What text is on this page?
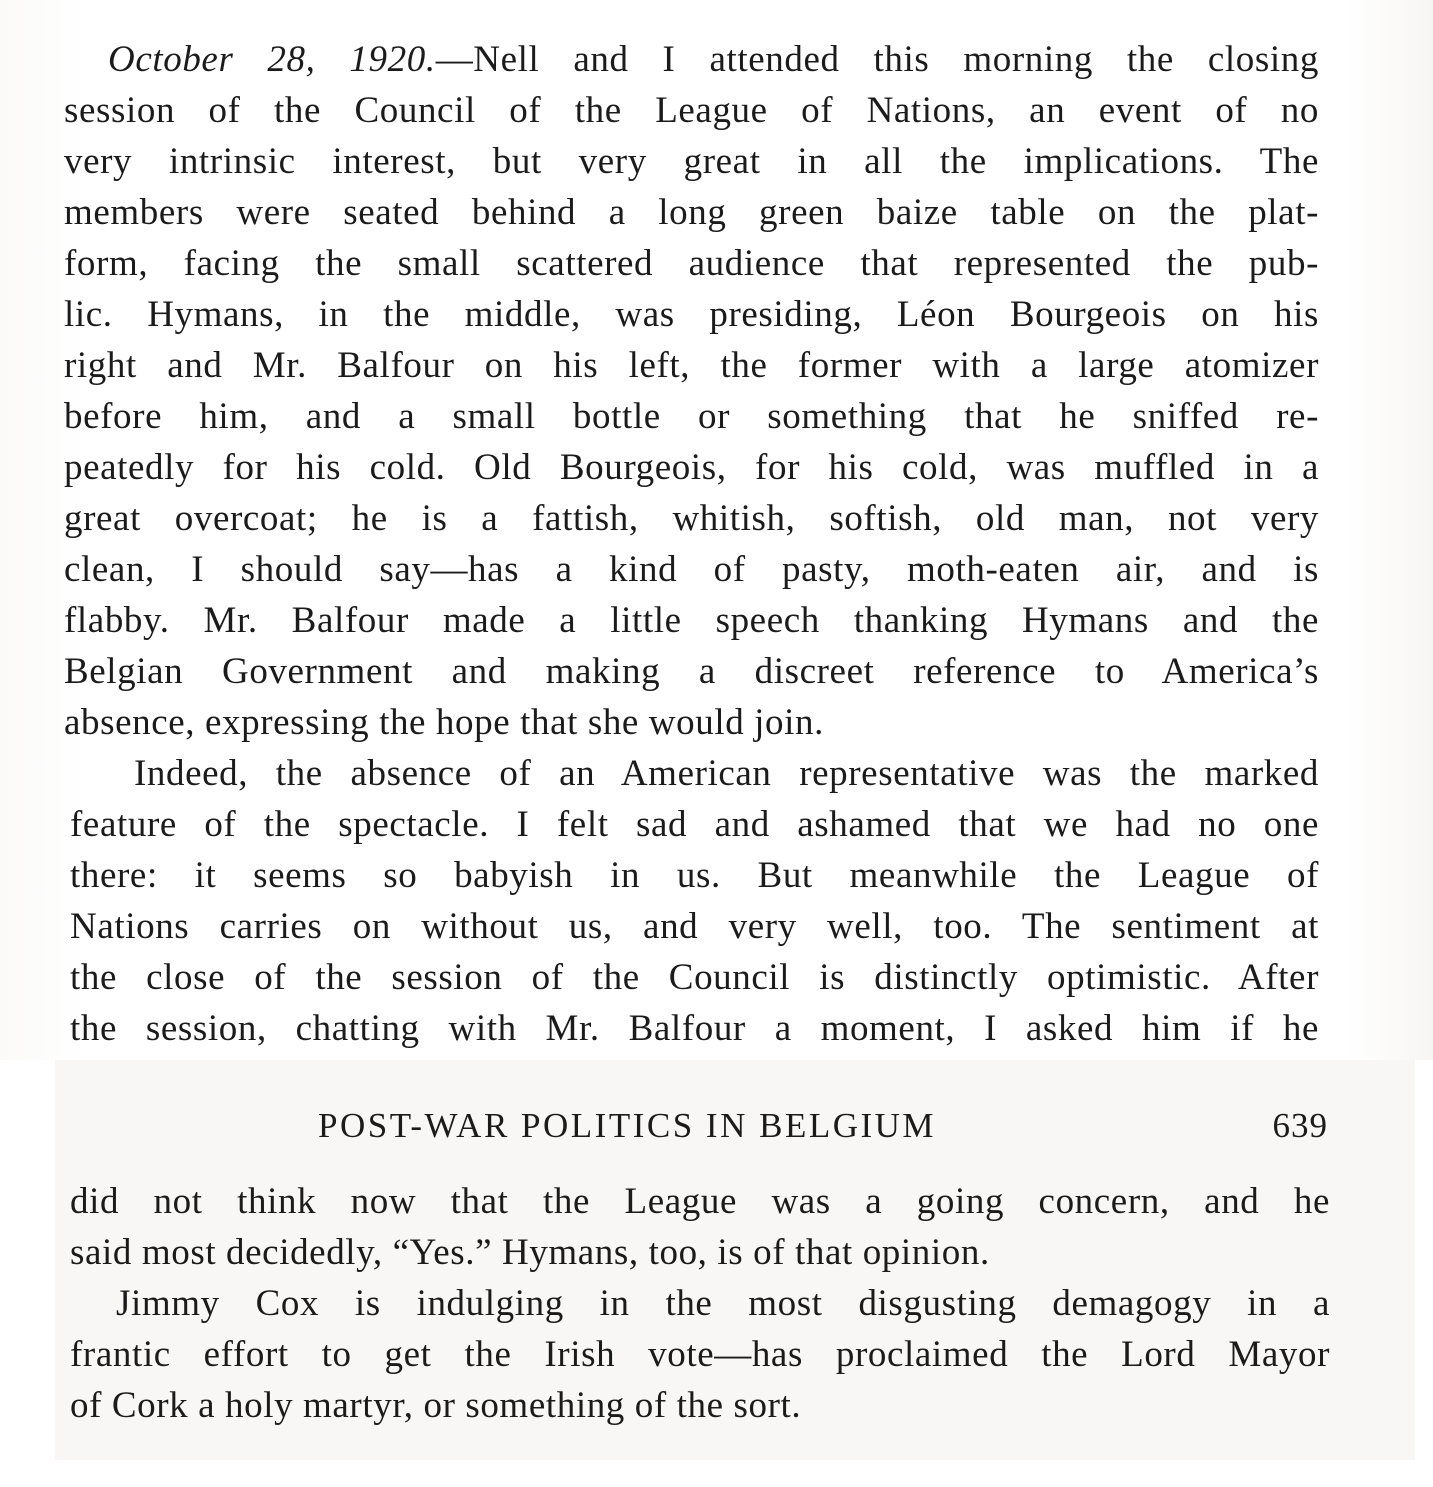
October 28, 1920.—Nell and I attended this morning the closing
session of the Council of the League of Nations, an event of no
very intrinsic interest, but very great in all the implications. The
members were seated behind a long green baize table on the plat-
form, facing the small scattered audience that represented the pub-
lic. Hymans, in the middle, was presiding, Léon Bourgeois on his
right and Mr. Balfour on his left, the former with a large atomizer
before him, and a small bottle or something that he sniffed re-
peatedly for his cold. Old Bourgeois, for his cold, was muffled in a
great overcoat; he is a fattish, whitish, softish, old man, not very
clean, I should say—has a kind of pasty, moth-eaten air, and is
flabby. Mr. Balfour made a little speech thanking Hymans and the
Belgian Government and making a discreet reference to America’s
absence, expressing the hope that she would join.
Indeed, the absence of an American representative was the marked
feature of the spectacle. I felt sad and ashamed that we had no one
there: it seems so babyish in us. But meanwhile the League of
Nations carries on without us, and very well, too. The sentiment at
the close of the session of the Council is distinctly optimistic. After
the session, chatting with Mr. Balfour a moment, I asked him if he
POST-WAR POLITICS IN BELGIUM	639
did not think now that the League was a going concern, and he
said most decidedly, “Yes.” Hymans, too, is of that opinion.
Jimmy Cox is indulging in the most disgusting demagogy in a
frantic effort to get the Irish vote—has proclaimed the Lord Mayor
of Cork a holy martyr, or something of the sort.
